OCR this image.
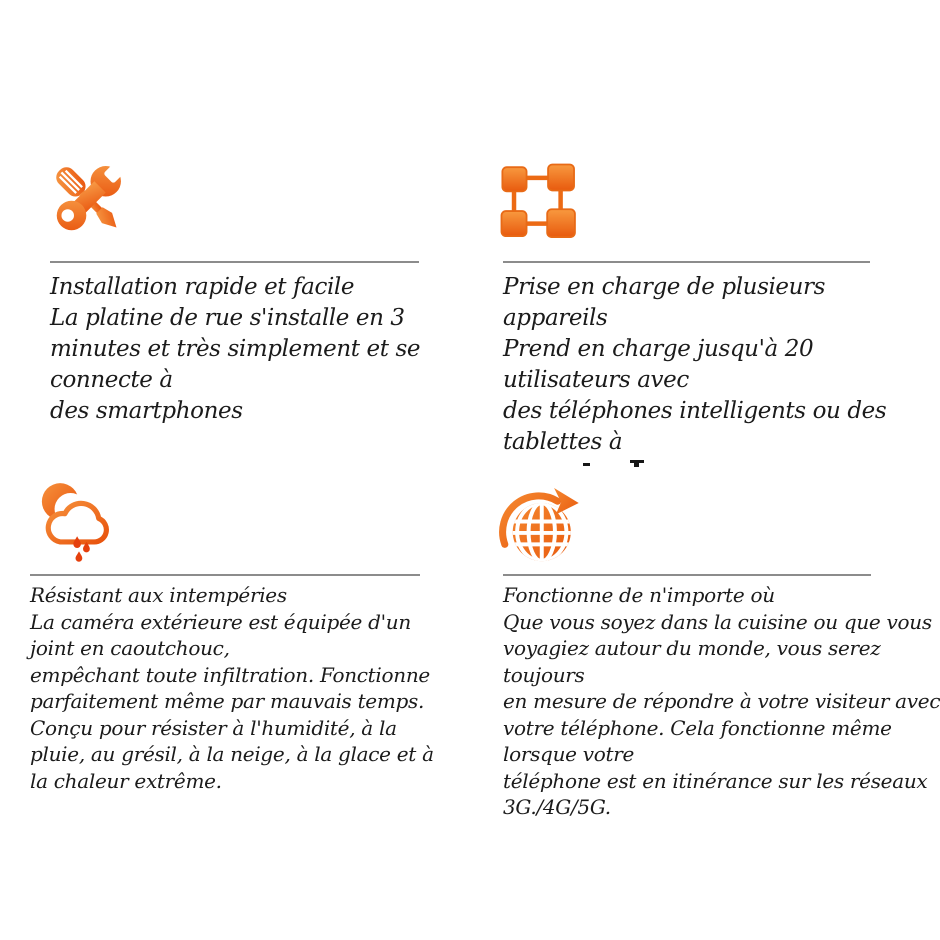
Installation rapide et facile
La platine de rue s'installe en 3
minutes et très simplement et se
connecte à
des smartphones
Prise en charge de plusieurs
appareils
Prend en charge jusqu'à 20
utilisateurs avec
des téléphones intelligents ou des
tablettes à
Résistant aux intempéries
La caméra extérieure est équipée d'un
joint en caoutchouc,
empêchant toute infiltration. Fonctionne
parfaitement même par mauvais temps.
Conçu pour résister à l'humidité, à la
pluie, au grésil, à la neige, à la glace et à
la chaleur extrême.
Fonctionne de n'importe où
Que vous soyez dans la cuisine ou que vous
voyagiez autour du monde, vous serez
toujours
en mesure de répondre à votre visiteur avec
votre téléphone. Cela fonctionne même
lorsque votre
téléphone est en itinérance sur les réseaux
3G./4G/5G.
